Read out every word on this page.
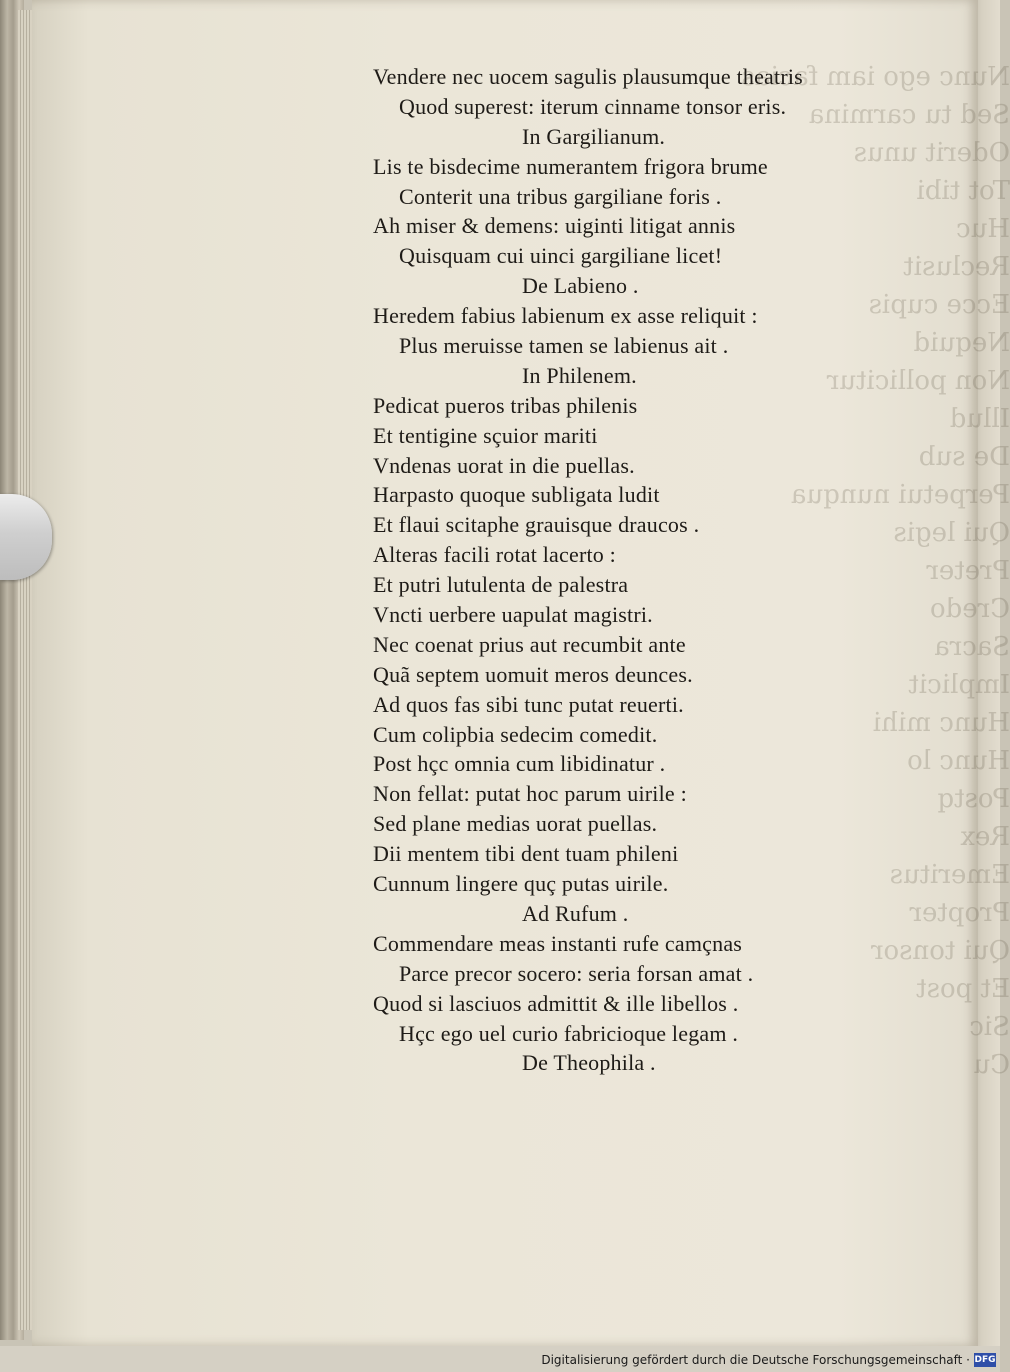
Nunc ego iam facias
Sed tu carmina
Oderit unus
Tot tibi
Huc
Reclusit
Ecce cupis
Nequid
Non pollicitur
Illud
De sub
Perpetui nunqua
Qui legis
Preter
Credo
Sacra
Implicit
Hunc mihi
Hunc lo
Postq
Rex
Emeritus
Propter
Qui tonsor
Et post
Sic
Cu
Vendere nec uocem sagulis plausumque theatris
Quod superest: iterum cinname tonsor eris.
In Gargilianum.
Lis te bisdecime numerantem frigora brume
Conterit una tribus gargiliane foris .
Ah miser & demens: uiginti litigat annis
Quisquam cui uinci gargiliane licet!
De Labieno .
Heredem fabius labienum ex asse reliquit :
Plus meruisse tamen se labienus ait .
In Philenem.
Pedicat pueros tribas philenis
Et tentigine sçuior mariti
Vndenas uorat in die puellas.
Harpasto quoque subligata ludit
Et flaui scitaphe grauisque draucos .
Alteras facili rotat lacerto :
Et putri lutulenta de palestra
Vncti uerbere uapulat magistri.
Nec coenat prius aut recumbit ante
Quã septem uomuit meros deunces.
Ad quos fas sibi tunc putat reuerti.
Cum colipbia sedecim comedit.
Post hçc omnia cum libidinatur .
Non fellat: putat hoc parum uirile :
Sed plane medias uorat puellas.
Dii mentem tibi dent tuam phileni
Cunnum lingere quç putas uirile.
Ad Rufum .
Commendare meas instanti rufe camçnas
Parce precor socero: seria forsan amat .
Quod si lasciuos admittit & ille libellos .
Hçc ego uel curio fabricioque legam .
De Theophila .
Digitalisierung gefördert durch die Deutsche Forschungsgemeinschaft · DFG
